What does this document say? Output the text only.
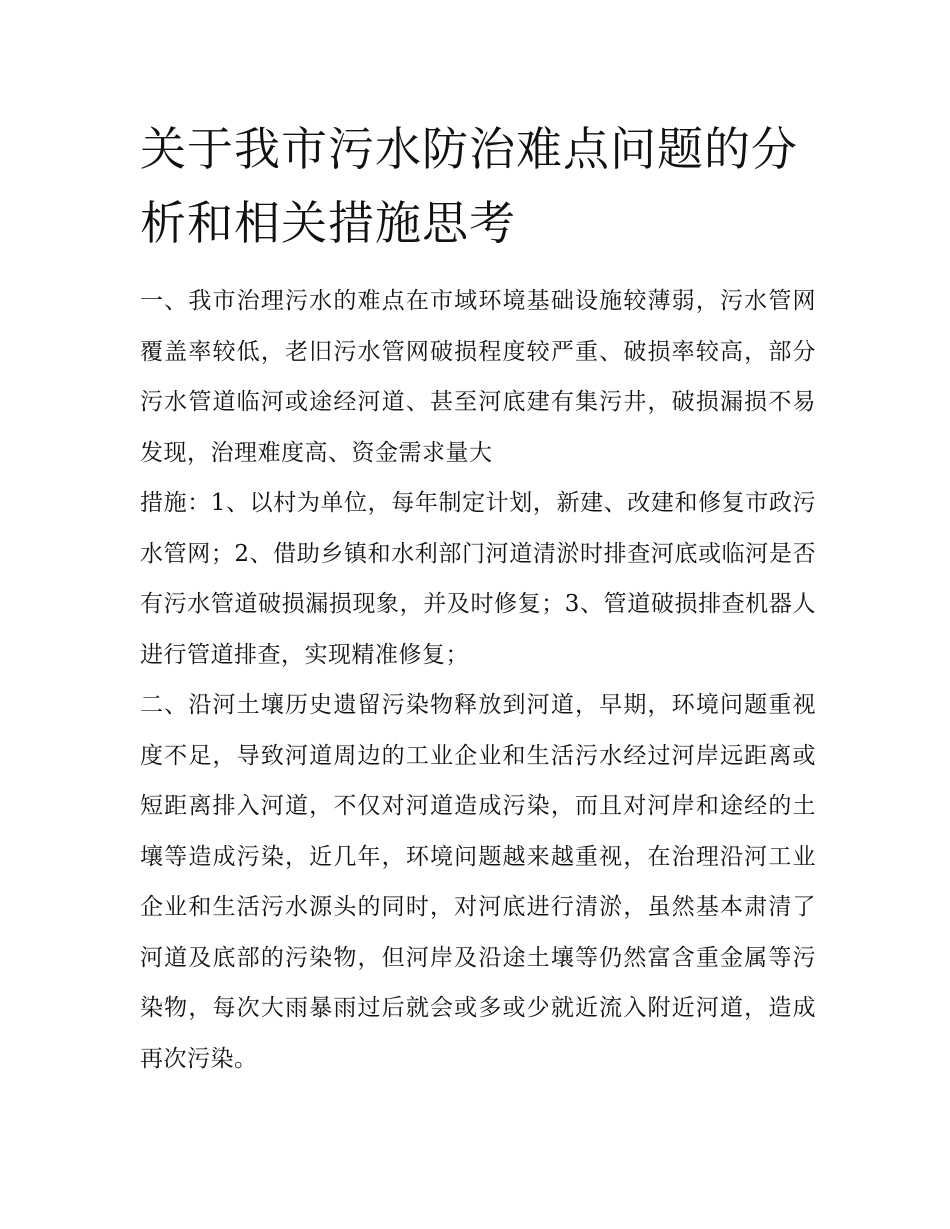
关于我市污水防治难点问题的分析和相关措施思考

一、我市治理污水的难点在市域环境基础设施较薄弱，污水管网覆盖率较低，老旧污水管网破损程度较严重、破损率较高，部分污水管道临河或途经河道、甚至河底建有集污井，破损漏损不易发现，治理难度高、资金需求量大

措施：1、以村为单位，每年制定计划，新建、改建和修复市政污水管网；2、借助乡镇和水利部门河道清淤时排查河底或临河是否有污水管道破损漏损现象，并及时修复；3、管道破损排查机器人进行管道排查，实现精准修复；

二、沿河土壤历史遗留污染物释放到河道，早期，环境问题重视度不足，导致河道周边的工业企业和生活污水经过河岸远距离或短距离排入河道，不仅对河道造成污染，而且对河岸和途经的土壤等造成污染，近几年，环境问题越来越重视，在治理沿河工业企业和生活污水源头的同时，对河底进行清淤，虽然基本肃清了河道及底部的污染物，但河岸及沿途土壤等仍然富含重金属等污染物，每次大雨暴雨过后就会或多或少就近流入附近河道，造成再次污染。
